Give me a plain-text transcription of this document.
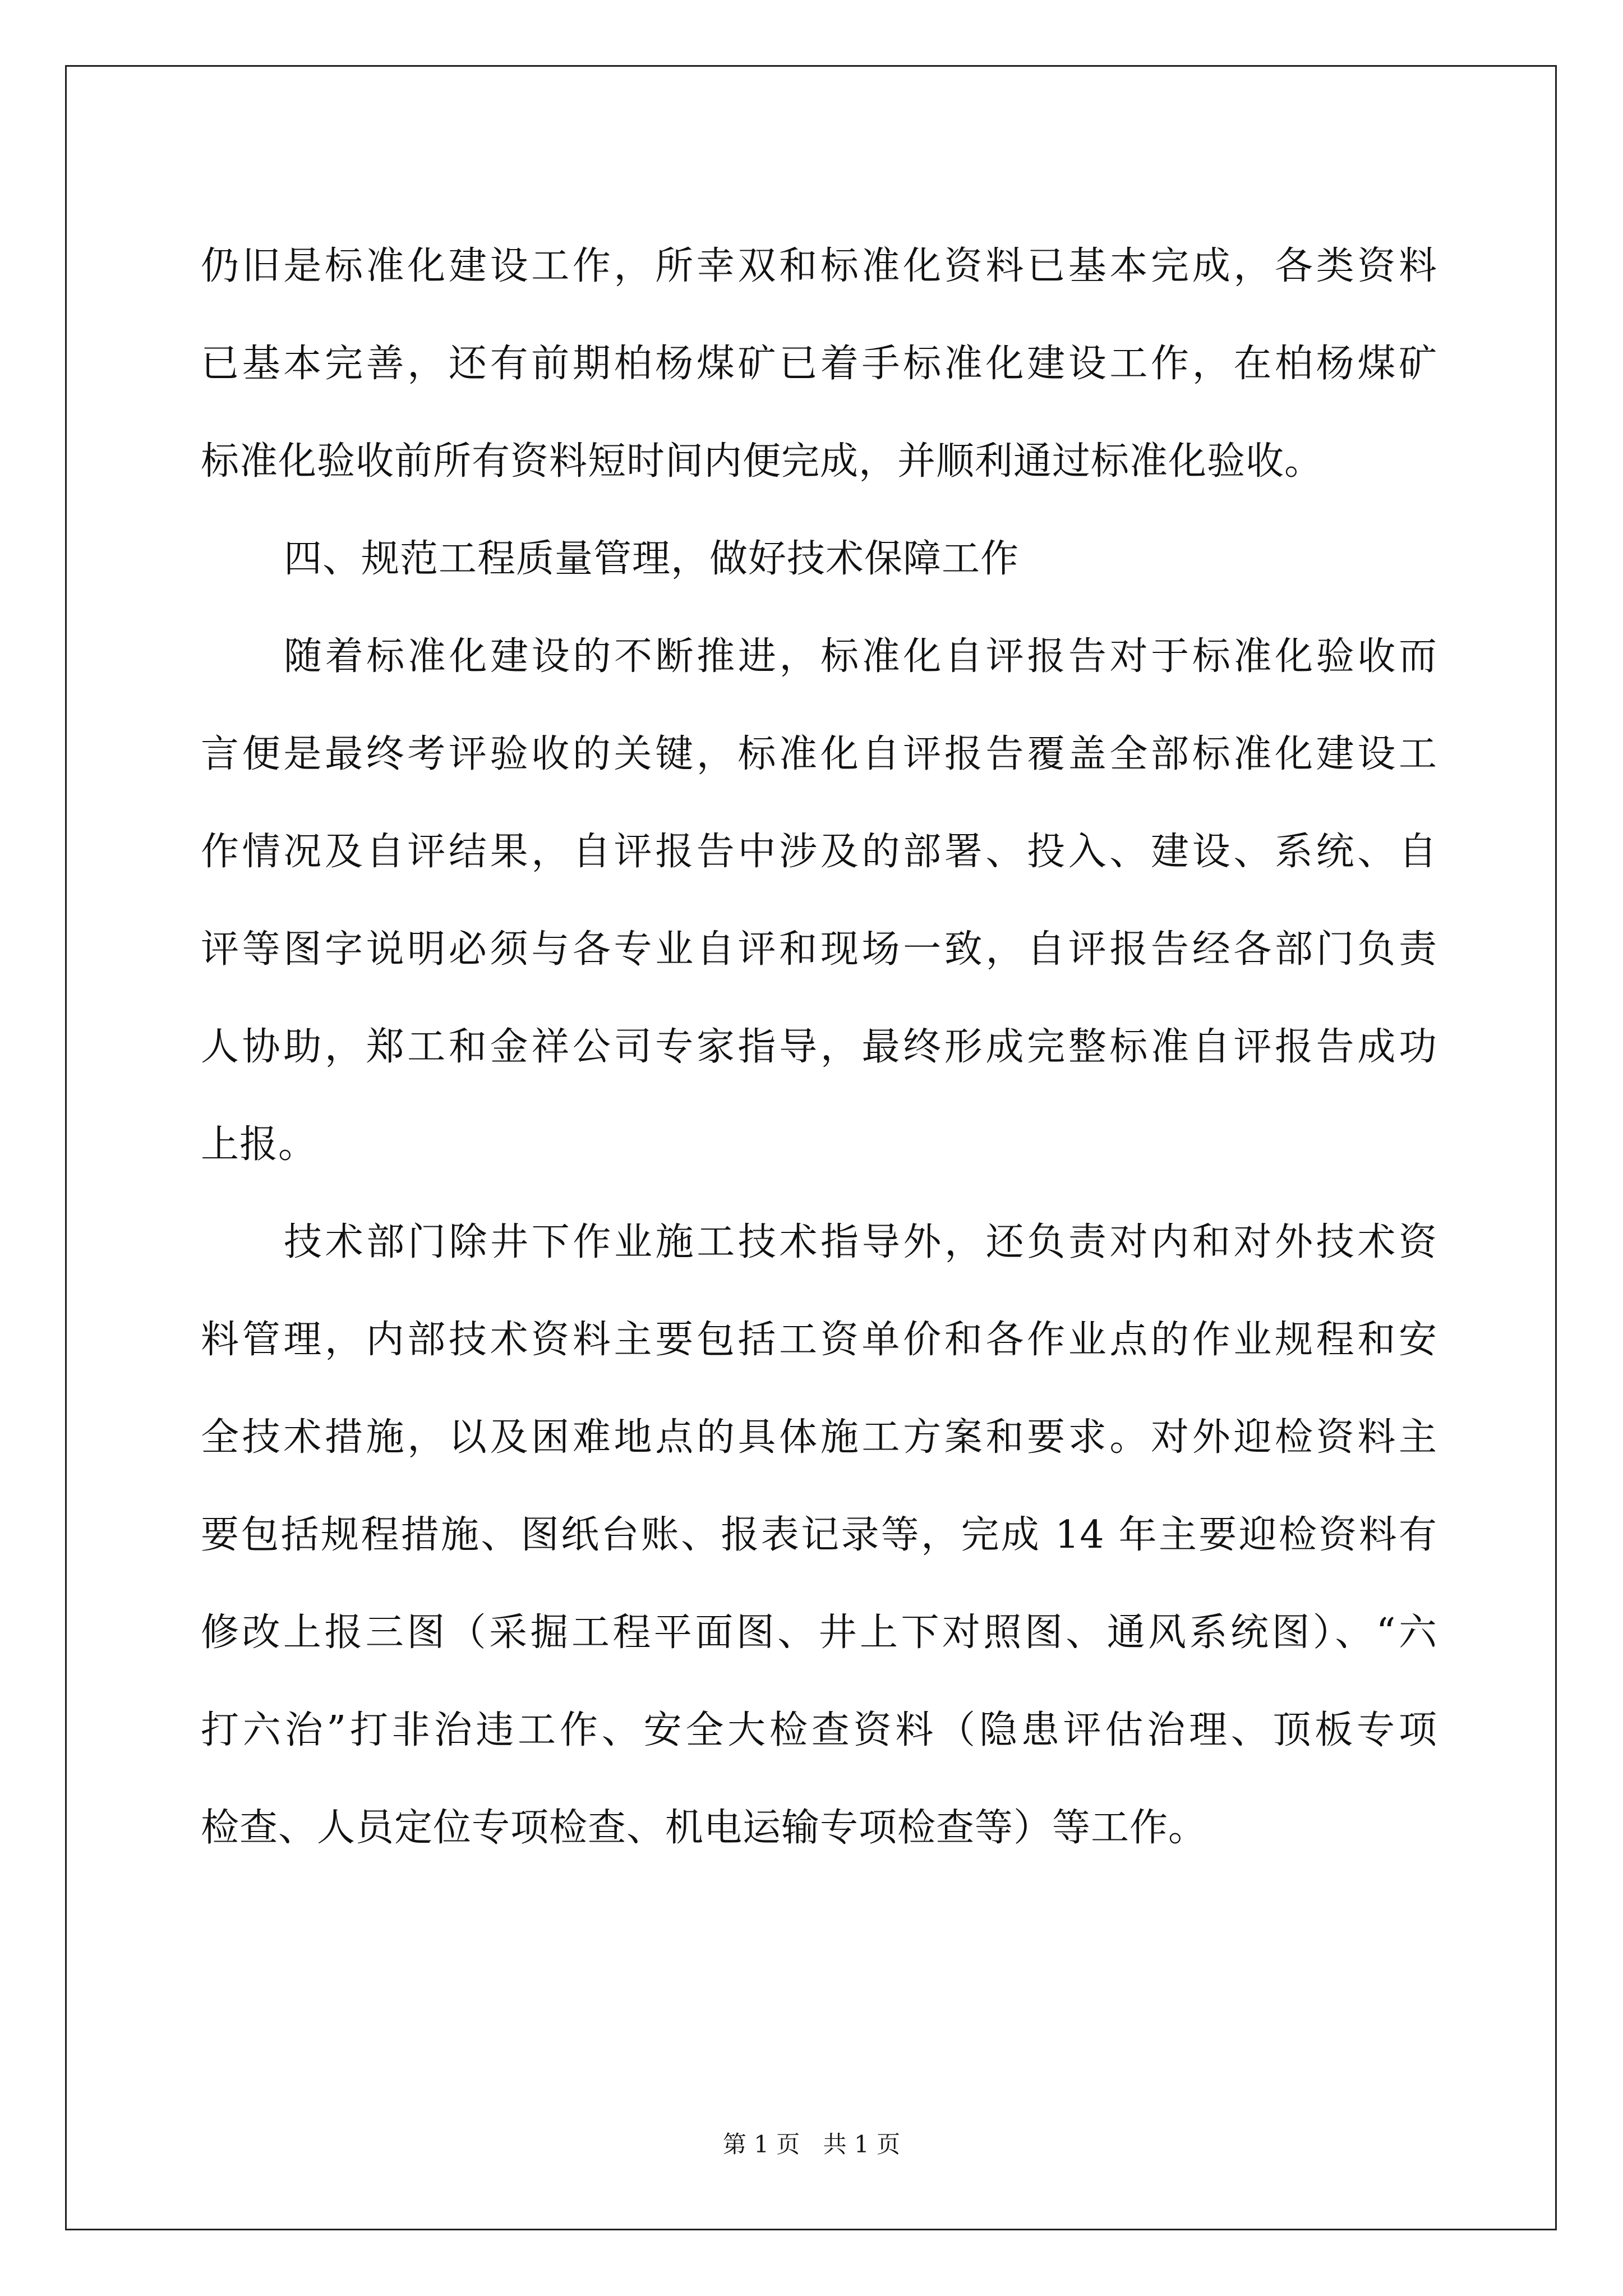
仍旧是标准化建设工作，所幸双和标准化资料已基本完成，各类资料
已基本完善，还有前期柏杨煤矿已着手标准化建设工作，在柏杨煤矿
标准化验收前所有资料短时间内便完成，并顺利通过标准化验收。
四、规范工程质量管理，做好技术保障工作
随着标准化建设的不断推进，标准化自评报告对于标准化验收而
言便是最终考评验收的关键，标准化自评报告覆盖全部标准化建设工
作情况及自评结果，自评报告中涉及的部署、投入、建设、系统、自
评等图字说明必须与各专业自评和现场一致，自评报告经各部门负责
人协助，郑工和金祥公司专家指导，最终形成完整标准自评报告成功
上报。
技术部门除井下作业施工技术指导外，还负责对内和对外技术资
料管理，内部技术资料主要包括工资单价和各作业点的作业规程和安
全技术措施，以及困难地点的具体施工方案和要求。对外迎检资料主
要包括规程措施、图纸台账、报表记录等，完成 14 年主要迎检资料有
修改上报三图（采掘工程平面图、井上下对照图、通风系统图）、“六
打六治”打非治违工作、安全大检查资料（隐患评估治理、顶板专项
检查、人员定位专项检查、机电运输专项检查等）等工作。
第 1 页 共 1 页
